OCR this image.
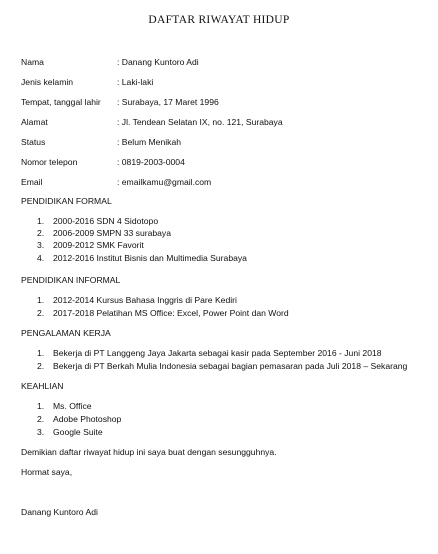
DAFTAR RIWAYAT HIDUP
Nama	: Danang Kuntoro Adi
Jenis kelamin	: Laki-laki
Tempat, tanggal lahir : Surabaya, 17 Maret 1996
Alamat	: Jl. Tendean Selatan IX, no. 121, Surabaya
Status	: Belum Menikah
Nomor telepon	: 0819-2003-0004
Email	: emailkamu@gmail.com
PENDIDIKAN FORMAL
1. 2000-2016 SDN 4 Sidotopo
2. 2006-2009 SMPN 33 surabaya
3. 2009-2012 SMK Favorit
4. 2012-2016 Institut Bisnis dan Multimedia Surabaya
PENDIDIKAN INFORMAL
1. 2012-2014 Kursus Bahasa Inggris di Pare Kediri
2. 2017-2018 Pelatihan MS Office: Excel, Power Point dan Word
PENGALAMAN KERJA
1. Bekerja di PT Langgeng Jaya Jakarta sebagai kasir pada September 2016 - Juni 2018
2. Bekerja di PT Berkah Mulia Indonesia sebagai bagian pemasaran pada Juli 2018 – Sekarang
KEAHLIAN
1. Ms. Office
2. Adobe Photoshop
3. Google Suite
Demikian daftar riwayat hidup ini saya buat dengan sesungguhnya.
Hormat saya,
Danang Kuntoro Adi
